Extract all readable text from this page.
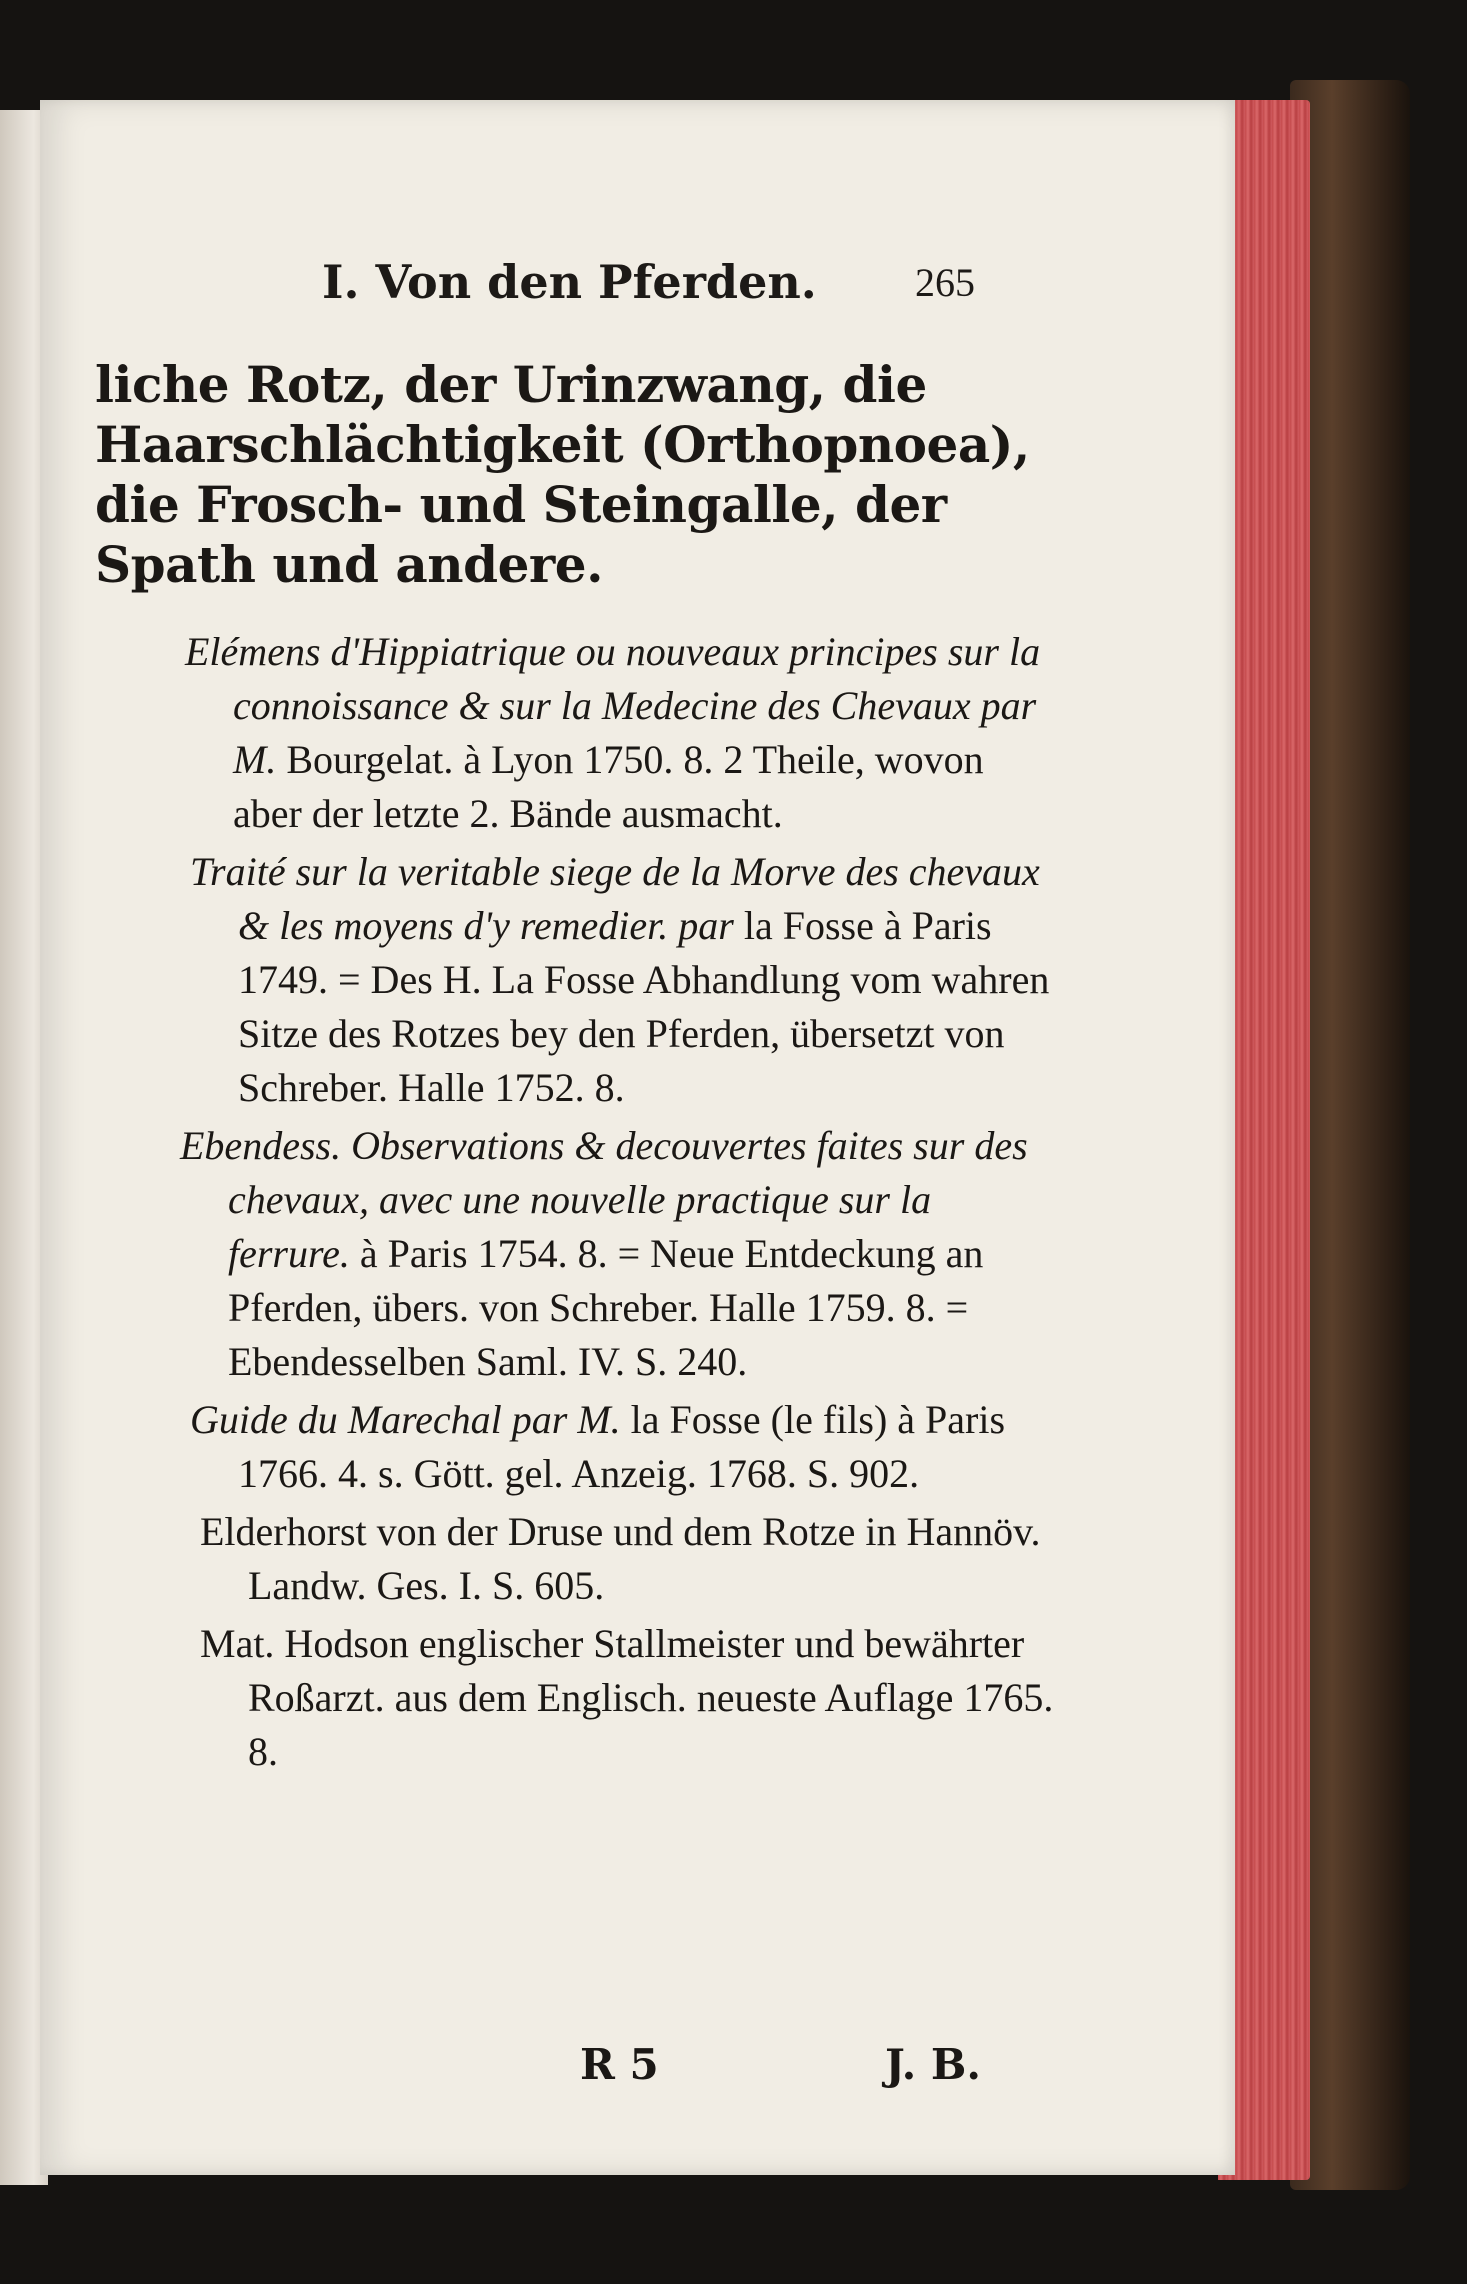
I. Von den Pferden. 265

liche Rotz, der Urinzwang, die Haarschlächtigkeit (Orthopnoea), die Frosch- und Steingalle, der Spath und andere.

Elémens d'Hippiatrique ou nouveaux principes sur la connoissance & sur la Medecine des Chevaux par M. Bourgelat. à Lyon 1750. 8. 2 Theile, wovon aber der letzte 2. Bände ausmacht.

Traité sur la veritable siege de la Morve des chevaux & les moyens d'y remedier. par la Fosse à Paris 1749. = Des H. La Fosse Abhandlung vom wahren Sitze des Rotzes bey den Pferden, übersetzt von Schreber. Halle 1752. 8.

Ebendess. Observations & decouvertes faites sur des chevaux, avec une nouvelle practique sur la ferrure. à Paris 1754. 8. = Neue Entdeckung an Pferden, übers. von Schreber. Halle 1759. 8. = Ebendesselben Saml. IV. S. 240.

Guide du Marechal par M. la Fosse (le fils) à Paris 1766. 4. s. Gött. gel. Anzeig. 1768. S. 902.

Elderhorst von der Druse und dem Rotze in Hannöv. Landw. Ges. I. S. 605.

Mat. Hodson englischer Stallmeister und bewährter Roßarzt. aus dem Englisch. neueste Auflage 1765. 8.

R 5	J. B.
